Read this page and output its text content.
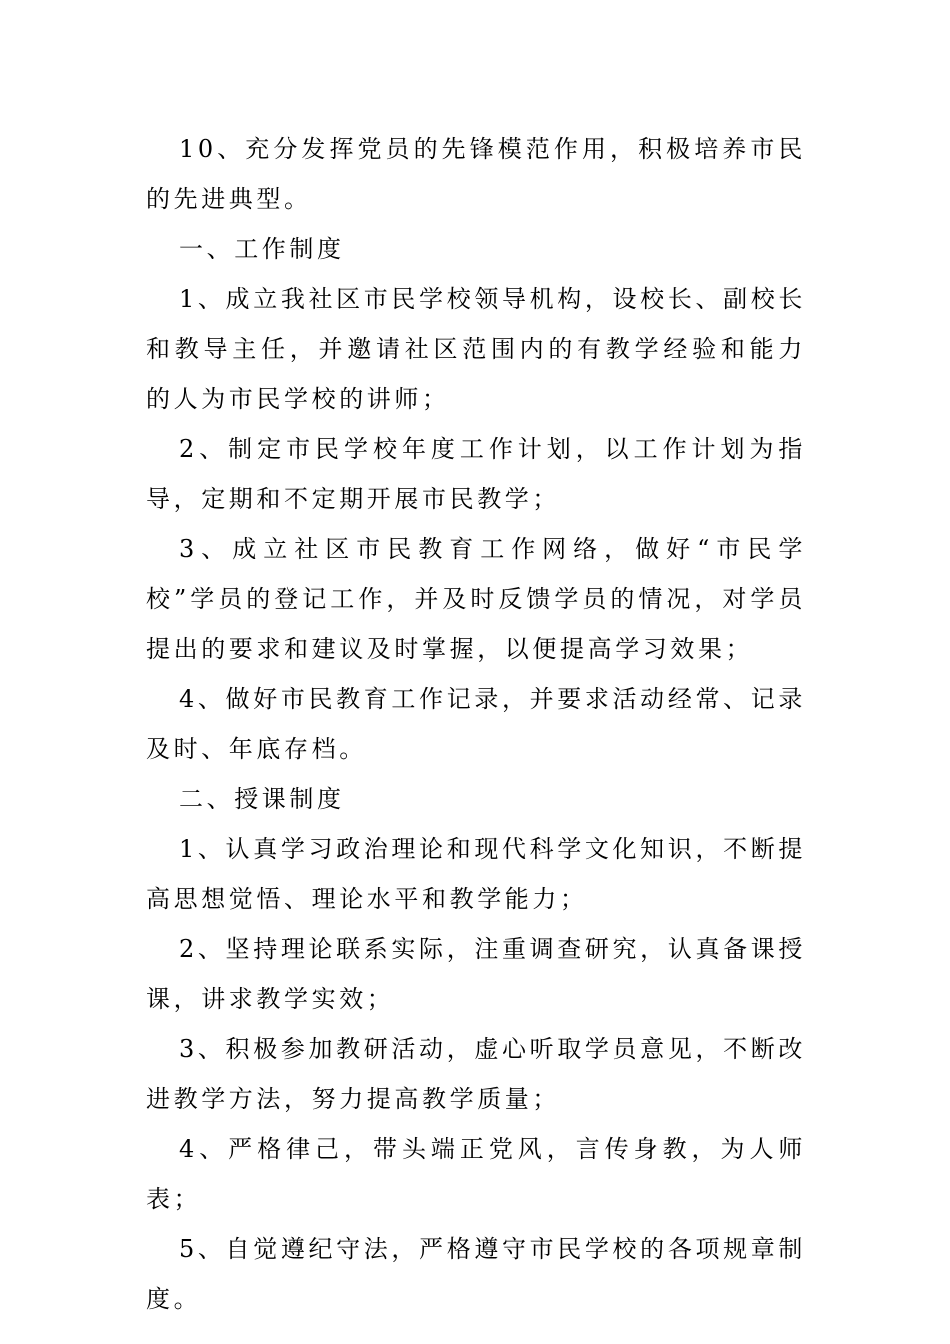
10、充分发挥党员的先锋模范作用，积极培养市民的先进典型。

一、工作制度

1、成立我社区市民学校领导机构，设校长、副校长和教导主任，并邀请社区范围内的有教学经验和能力的人为市民学校的讲师；

2、制定市民学校年度工作计划，以工作计划为指导，定期和不定期开展市民教学；

3、成立社区市民教育工作网络，做好“市民学校”学员的登记工作，并及时反馈学员的情况，对学员提出的要求和建议及时掌握，以便提高学习效果；

4、做好市民教育工作记录，并要求活动经常、记录及时、年底存档。

二、授课制度

1、认真学习政治理论和现代科学文化知识，不断提高思想觉悟、理论水平和教学能力；

2、坚持理论联系实际，注重调查研究，认真备课授课，讲求教学实效；

3、积极参加教研活动，虚心听取学员意见，不断改进教学方法，努力提高教学质量；

4、严格律己，带头端正党风，言传身教，为人师表；

5、自觉遵纪守法，严格遵守市民学校的各项规章制度。
